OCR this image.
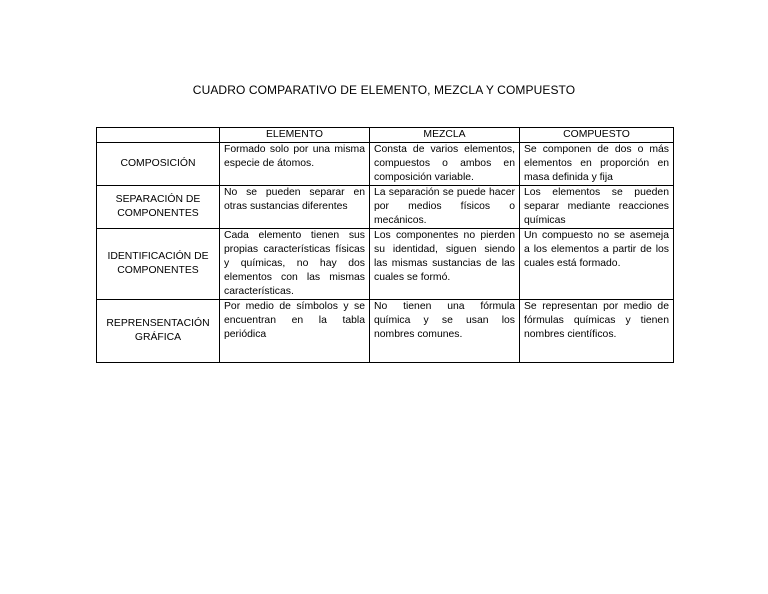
CUADRO COMPARATIVO DE ELEMENTO, MEZCLA Y COMPUESTO
	ELEMENTO	MEZCLA	COMPUESTO
COMPOSICIÓN	Formado solo por una misma especie de átomos.	Consta de varios elementos, compuestos o ambos en composición variable.	Se componen de dos o más elementos en proporción en masa definida y fija
SEPARACIÓN DE COMPONENTES	No se pueden separar en otras sustancias diferentes	La separación se puede hacer por medios físicos o mecánicos.	Los elementos se pueden separar mediante reacciones químicas
IDENTIFICACIÓN DE COMPONENTES	Cada elemento tienen sus propias características físicas y químicas, no hay dos elementos con las mismas características.	Los componentes no pierden su identidad, siguen siendo las mismas sustancias de las cuales se formó.	Un compuesto no se asemeja a los elementos a partir de los cuales está formado.
REPRENSENTACIÓN GRÁFICA	Por medio de símbolos y se encuentran en la tabla periódica	No tienen una fórmula química y se usan los nombres comunes.	Se representan por medio de fórmulas químicas y tienen nombres científicos.
